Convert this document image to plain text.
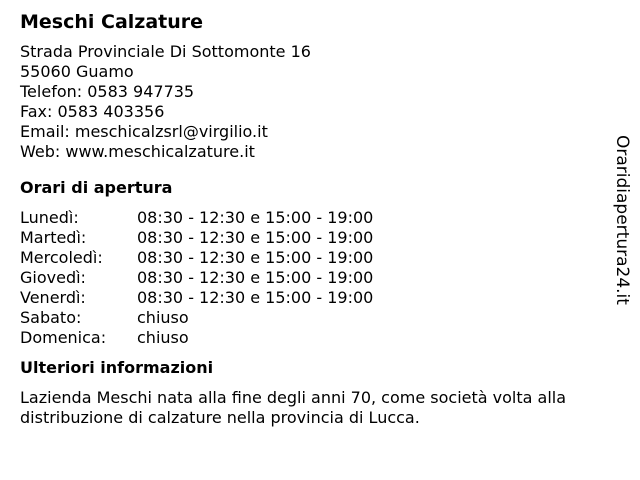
Meschi Calzature
Strada Provinciale Di Sottomonte 16
55060 Guamo
Telefon: 0583 947735
Fax: 0583 403356
Email: meschicalzsrl@virgilio.it
Web: www.meschicalzature.it
Orari di apertura
Lunedì:	08:30 - 12:30 e 15:00 - 19:00
Martedì:	08:30 - 12:30 e 15:00 - 19:00
Mercoledì:	08:30 - 12:30 e 15:00 - 19:00
Giovedì:	08:30 - 12:30 e 15:00 - 19:00
Venerdì:	08:30 - 12:30 e 15:00 - 19:00
Sabato:	chiuso
Domenica:	chiuso
Ulteriori informazioni
Lazienda Meschi nata alla fine degli anni 70, come società volta alla distribuzione di calzature nella provincia di Lucca.
Oraridiapertura24.it
